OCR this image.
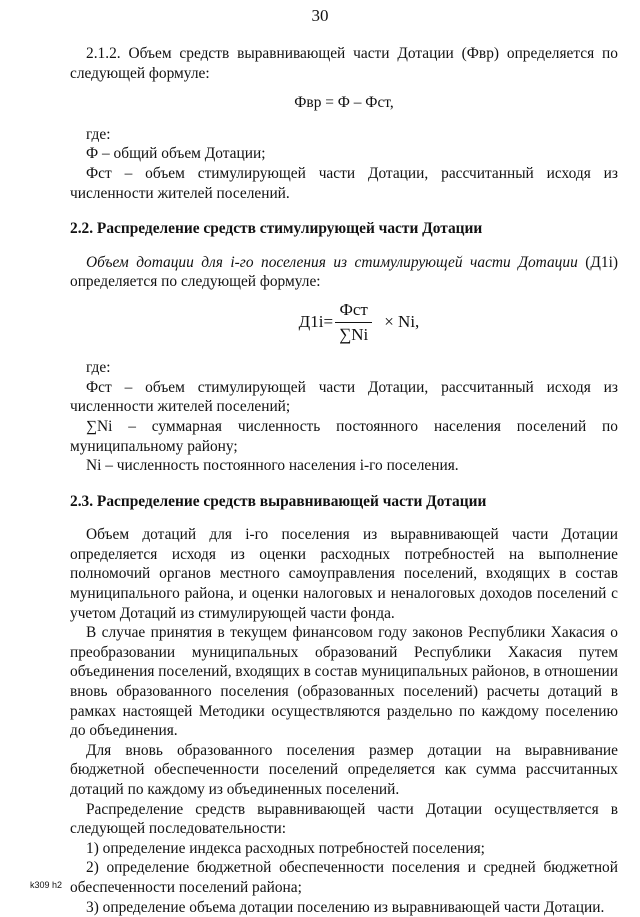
30

2.1.2. Объем средств выравнивающей части Дотации (Фвр) определяется по следующей формуле:

Фвр = Ф – Фст,

где:

Ф – общий объем Дотации;

Фст – объем стимулирующей части Дотации, рассчитанный исходя из численности жителей поселений.

2.2. Распределение средств стимулирующей части Дотации

Объем дотации для i-го поселения из стимулирующей части Дотации (Д1i) определяется по следующей формуле:

$Д1i= \frac{\text{Фст}}{\sum Ni} \times Ni$,

где:

Фст – объем стимулирующей части Дотации, рассчитанный исходя из численности жителей поселений;

∑Ni – суммарная численность постоянного населения поселений по муниципальному району;

Ni – численность постоянного населения i-го поселения.

2.3. Распределение средств выравнивающей части Дотации

Объем дотаций для i-го поселения из выравнивающей части Дотации определяется исходя из оценки расходных потребностей на выполнение полномочий органов местного самоуправления поселений, входящих в состав муниципального района, и оценки налоговых и неналоговых доходов поселений с учетом Дотаций из стимулирующей части фонда.

В случае принятия в текущем финансовом году законов Республики Хакасия о преобразовании муниципальных образований Республики Хакасия путем объединения поселений, входящих в состав муниципальных районов, в отношении вновь образованного поселения (образованных поселений) расчеты дотаций в рамках настоящей Методики осуществляются раздельно по каждому поселению до объединения.

Для вновь образованного поселения размер дотации на выравнивание бюджетной обеспеченности поселений определяется как сумма рассчитанных дотаций по каждому из объединенных поселений.

Распределение средств выравнивающей части Дотации осуществляется в следующей последовательности:

1) определение индекса расходных потребностей поселения;

2) определение бюджетной обеспеченности поселения и средней бюджетной обеспеченности поселений района;

3) определение объема дотации поселению из выравнивающей части Дотации.

k309 h2
